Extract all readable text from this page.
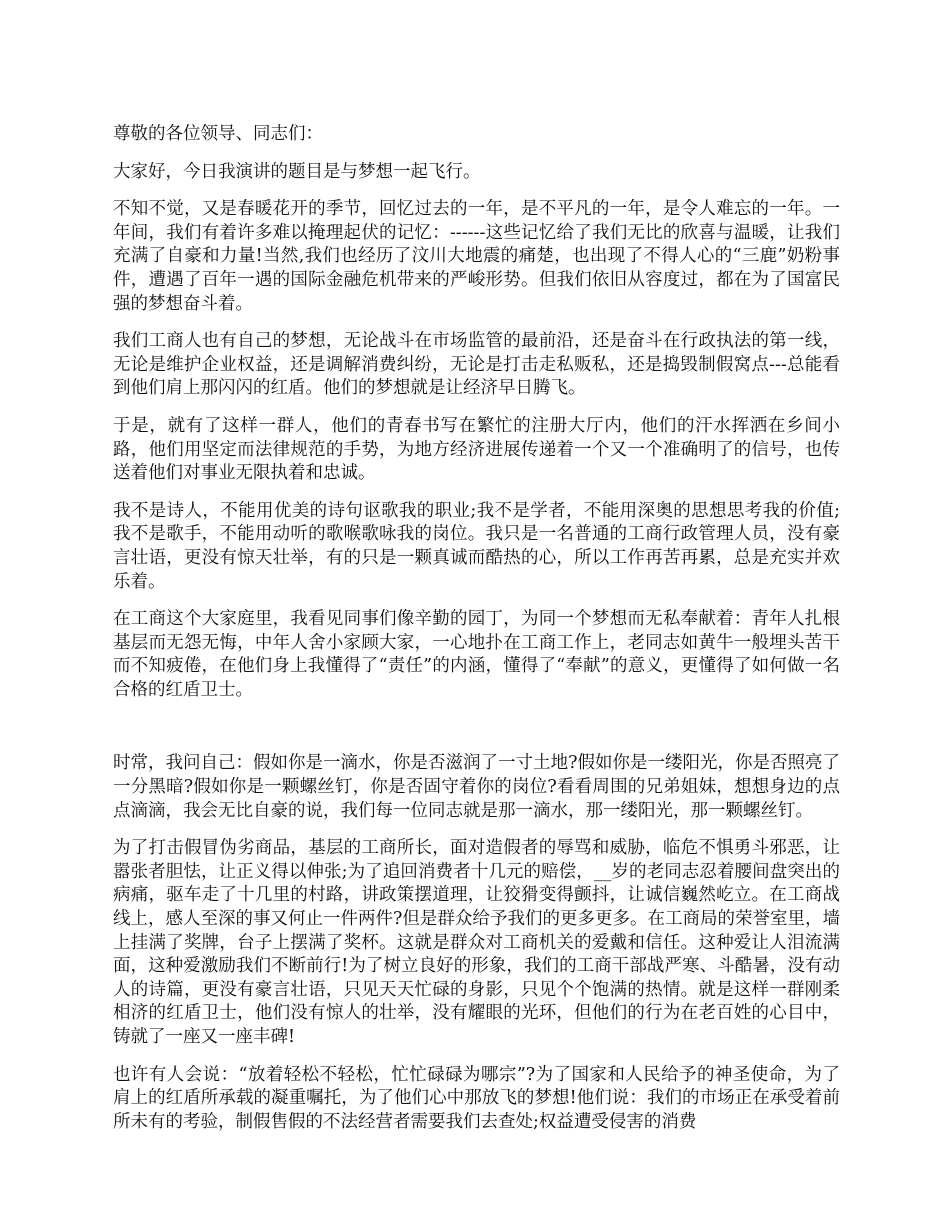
尊敬的各位领导、同志们：

大家好，今日我演讲的题目是与梦想一起飞行。

不知不觉，又是春暖花开的季节，回忆过去的一年，是不平凡的一年，是令人难忘的一年。一年间，我们有着许多难以掩理起伏的记忆：------这些记忆给了我们无比的欣喜与温暖，让我们充满了自豪和力量!当然,我们也经历了汶川大地震的痛楚，也出现了不得人心的“三鹿”奶粉事件，遭遇了百年一遇的国际金融危机带来的严峻形势。但我们依旧从容度过，都在为了国富民强的梦想奋斗着。

我们工商人也有自己的梦想，无论战斗在市场监管的最前沿，还是奋斗在行政执法的第一线，无论是维护企业权益，还是调解消费纠纷，无论是打击走私贩私，还是捣毁制假窝点---总能看到他们肩上那闪闪的红盾。他们的梦想就是让经济早日腾飞。

于是，就有了这样一群人，他们的青春书写在繁忙的注册大厅内，他们的汗水挥洒在乡间小路，他们用坚定而法律规范的手势，为地方经济进展传递着一个又一个准确明了的信号，也传送着他们对事业无限执着和忠诚。

我不是诗人，不能用优美的诗句讴歌我的职业;我不是学者，不能用深奥的思想思考我的价值;我不是歌手，不能用动听的歌喉歌咏我的岗位。我只是一名普通的工商行政管理人员，没有豪言壮语，更没有惊天壮举，有的只是一颗真诚而酷热的心，所以工作再苦再累，总是充实并欢乐着。

在工商这个大家庭里，我看见同事们像辛勤的园丁，为同一个梦想而无私奉献着：青年人扎根基层而无怨无悔，中年人舍小家顾大家，一心地扑在工商工作上，老同志如黄牛一般埋头苦干而不知疲倦，在他们身上我懂得了“责任”的内涵，懂得了“奉献”的意义，更懂得了如何做一名合格的红盾卫士。

时常，我问自己：假如你是一滴水，你是否滋润了一寸土地?假如你是一缕阳光，你是否照亮了一分黑暗?假如你是一颗螺丝钉，你是否固守着你的岗位?看看周围的兄弟姐妹，想想身边的点点滴滴，我会无比自豪的说，我们每一位同志就是那一滴水，那一缕阳光，那一颗螺丝钉。

为了打击假冒伪劣商品，基层的工商所长，面对造假者的辱骂和威胁，临危不惧勇斗邪恶，让嚣张者胆怯，让正义得以伸张;为了追回消费者十几元的赔偿，__岁的老同志忍着腰间盘突出的病痛，驱车走了十几里的村路，讲政策摆道理，让狡猾变得颤抖，让诚信巍然屹立。在工商战线上，感人至深的事又何止一件两件?但是群众给予我们的更多更多。在工商局的荣誉室里，墙上挂满了奖牌，台子上摆满了奖杯。这就是群众对工商机关的爱戴和信任。这种爱让人泪流满面，这种爱激励我们不断前行!为了树立良好的形象，我们的工商干部战严寒、斗酷暑，没有动人的诗篇，更没有豪言壮语，只见天天忙碌的身影，只见个个饱满的热情。就是这样一群刚柔相济的红盾卫士，他们没有惊人的壮举，没有耀眼的光环，但他们的行为在老百姓的心目中，铸就了一座又一座丰碑!

也许有人会说：“放着轻松不轻松，忙忙碌碌为哪宗”?为了国家和人民给予的神圣使命，为了肩上的红盾所承载的凝重嘱托，为了他们心中那放飞的梦想!他们说：我们的市场正在承受着前所未有的考验，制假售假的不法经营者需要我们去查处;权益遭受侵害的消费
